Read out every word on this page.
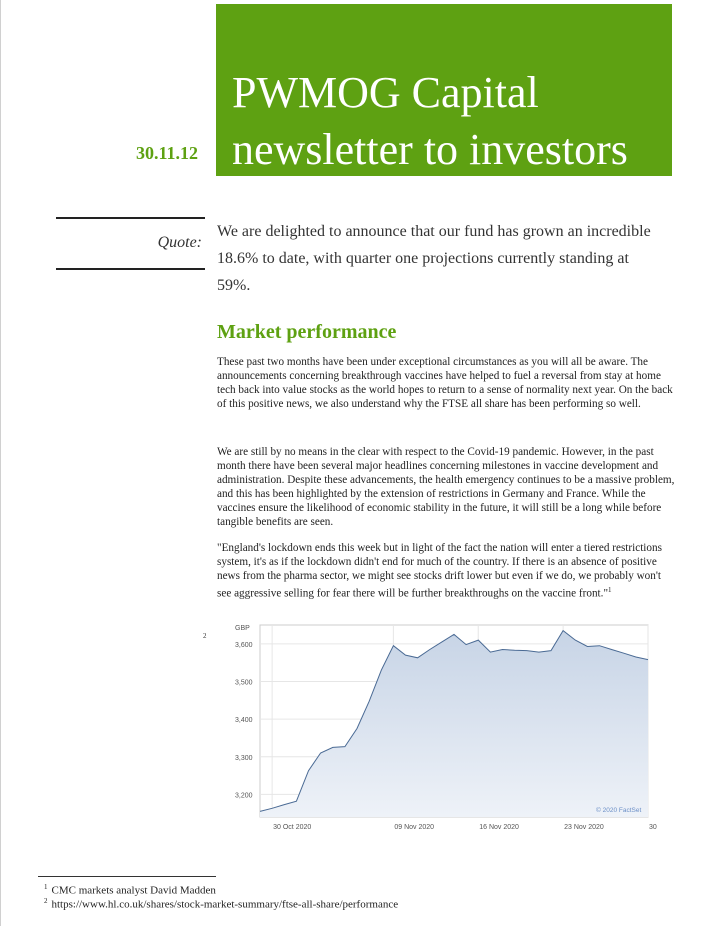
PWMOG Capital
newsletter to investors
30.11.12
Quote:
We are delighted to announce that our fund has grown an incredible 18.6% to date, with quarter one projections currently standing at 59%.
Market performance

These past two months have been under exceptional circumstances as you will all be aware. The announcements concerning breakthrough vaccines have helped to fuel a reversal from stay at home tech back into value stocks as the world hopes to return to a sense of normality next year. On the back of this positive news, we also understand why the FTSE all share has been performing so well.

We are still by no means in the clear with respect to the Covid-19 pandemic. However, in the past month there have been several major headlines concerning milestones in vaccine development and administration. Despite these advancements, the health emergency continues to be a massive problem, and this has been highlighted by the extension of restrictions in Germany and France. While the vaccines ensure the likelihood of economic stability in the future, it will still be a long while before tangible benefits are seen.

"England's lockdown ends this week but in light of the fact the nation will enter a tiered restrictions system, it's as if the lockdown didn't end for much of the country. If there is an absence of positive news from the pharma sector, we might see stocks drift lower but even if we do, we probably won't see aggressive selling for fear there will be further breakthroughs on the vaccine front."$^1$

2
3,200
3,300
3,400
3,500
3,600
30 Oct 2020	09 Nov 2020	16 Nov 2020	23 Nov 2020	30
GBP
© 2020 FactSet
$^1$ CMC markets analyst David Madden
$^2$ https://www.hl.co.uk/shares/stock-market-summary/ftse-all-share/performance
